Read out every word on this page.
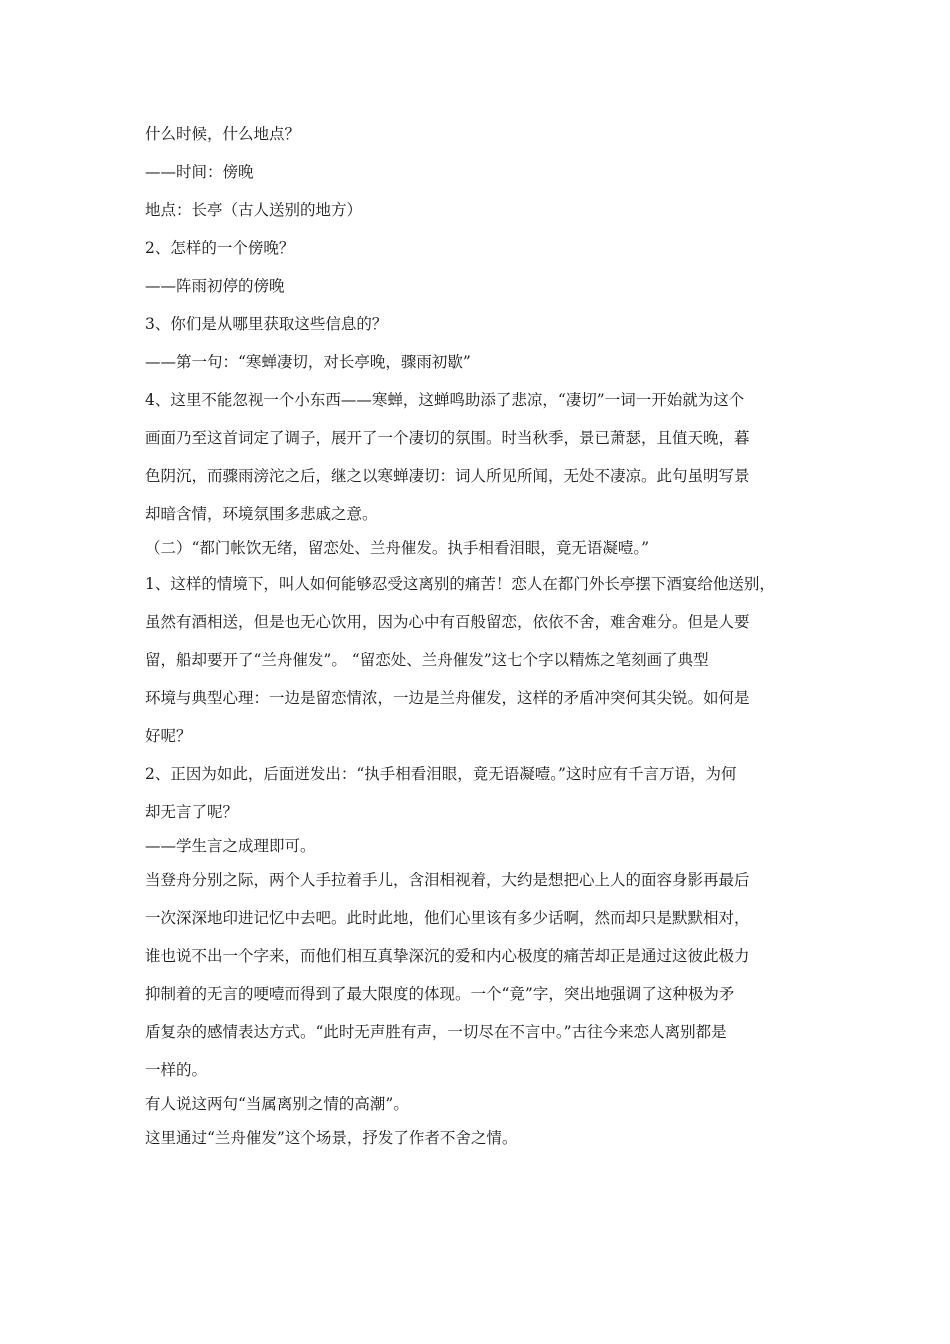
什么时候，什么地点？

——时间：傍晚

地点：长亭（古人送别的地方）

2、怎样的一个傍晚？

——阵雨初停的傍晚

3、你们是从哪里获取这些信息的？

——第一句：“寒蝉凄切，对长亭晚，骤雨初歇”

4、这里不能忽视一个小东西——寒蝉，这蝉鸣助添了悲凉，“凄切”一词一开始就为这个

画面乃至这首词定了调子，展开了一个凄切的氛围。时当秋季，景已萧瑟，且值天晚，暮

色阴沉，而骤雨滂沱之后，继之以寒蝉凄切：词人所见所闻，无处不凄凉。此句虽明写景

却暗含情，环境氛围多悲戚之意。

（二）“都门帐饮无绪，留恋处、兰舟催发。执手相看泪眼，竟无语凝噎。”

1、这样的情境下，叫人如何能够忍受这离别的痛苦！恋人在都门外长亭摆下酒宴给他送别，

虽然有酒相送，但是也无心饮用，因为心中有百般留恋，依依不舍，难舍难分。但是人要

留，船却要开了“兰舟催发”。 “留恋处、兰舟催发”这七个字以精炼之笔刻画了典型

环境与典型心理：一边是留恋情浓，一边是兰舟催发，这样的矛盾冲突何其尖锐。如何是

好呢？

2、正因为如此，后面迸发出：“执手相看泪眼，竟无语凝噎。”这时应有千言万语，为何

却无言了呢？

——学生言之成理即可。

当登舟分别之际，两个人手拉着手儿，含泪相视着，大约是想把心上人的面容身影再最后

一次深深地印进记忆中去吧。此时此地，他们心里该有多少话啊，然而却只是默默相对，

谁也说不出一个字来，而他们相互真挚深沉的爱和内心极度的痛苦却正是通过这彼此极力

抑制着的无言的哽噎而得到了最大限度的体现。一个“竟”字，突出地强调了这种极为矛

盾复杂的感情表达方式。“此时无声胜有声，一切尽在不言中。”古往今来恋人离别都是

一样的。

有人说这两句“当属离别之情的高潮”。

这里通过“兰舟催发”这个场景，抒发了作者不舍之情。
